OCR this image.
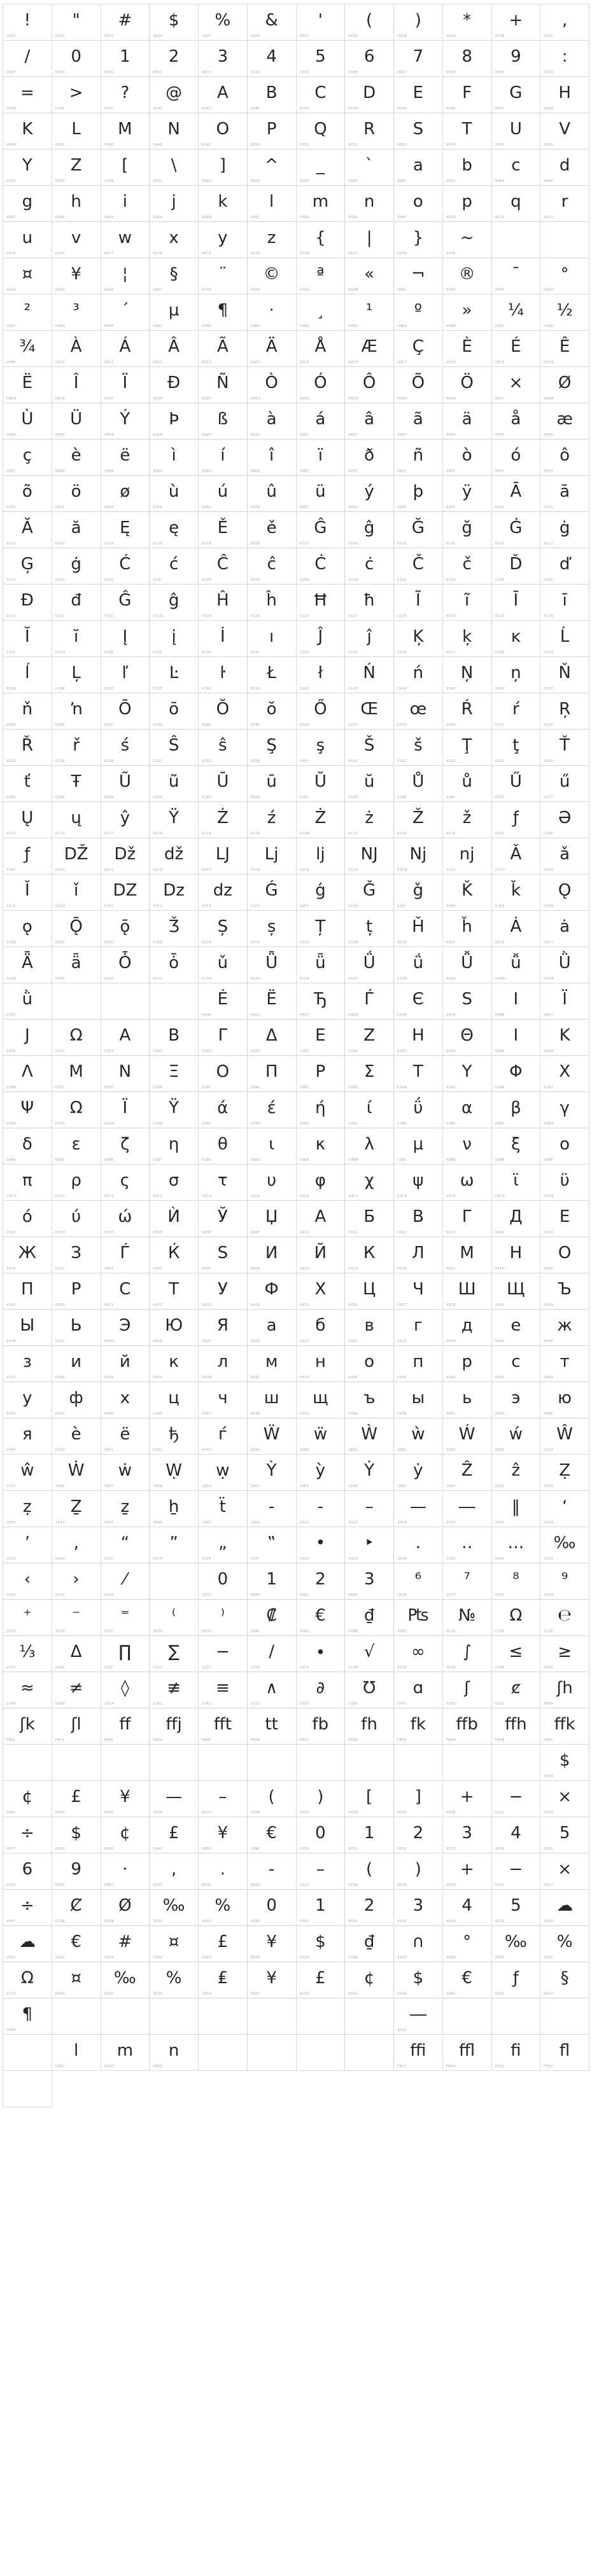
!
0021
"
0022
#
0023
$
0024
%
0025
&
0026
'
0027
(
0028
)
0029
*
002A
+
002B
,
002C
/
002F
0
0030
1
0031
2
0032
3
0033
4
0034
5
0035
6
0036
7
0037
8
0038
9
0039
:
003A
=
003D
>
003E
?
003F
@
0040
A
0041
B
0042
C
0043
D
0044
E
0045
F
0046
G
0047
H
0048
K
004B
L
004C
M
004D
N
004E
O
004F
P
0050
Q
0051
R
0052
S
0053
T
0054
U
0055
V
0056
Y
0059
Z
005A
[
005B
\
005C
]
005D
^
005E
_
005F
`
0060
a
0061
b
0062
c
0063
d
0064
g
0067
h
0068
i
0069
j
006A
k
006B
l
006C
m
006D
n
006E
o
006F
p
0070
q
0071
r
0072
u
0075
v
0076
w
0077
x
0078
y
0079
z
007A
{
007B
|
007C
}
007D
~
007E
¤
00A4
¥
00A5
¦
00A6
§
00A7
¨
00A8
©
00A9
ª
00AA
«
00AB
¬
00AC
®
00AE
¯
00AF
°
00B0
²
00B2
³
00B3
´
00B4
µ
00B5
¶
00B6
·
00B7
¸
00B8
¹
00B9
º
00BA
»
00BB
¼
00BC
½
00BD
¾
00BE
À
00C0
Á
00C1
Â
00C2
Ã
00C3
Ä
00C4
Å
00C5
Æ
00C6
Ç
00C7
È
00C8
É
00C9
Ê
00CA
Ë
00CB
Î
00CE
Ï
00CF
Ð
00D0
Ñ
00D1
Ò
00D2
Ó
00D3
Ô
00D4
Õ
00D5
Ö
00D6
×
00D7
Ø
00D8
Ù
00D9
Ü
00DC
Ý
00DD
Þ
00DE
ß
00DF
à
00E0
á
00E1
â
00E2
ã
00E3
ä
00E4
å
00E5
æ
00E6
ç
00E7
è
00E8
ë
00EB
ì
00EC
í
00ED
î
00EE
ï
00EF
ð
00F0
ñ
00F1
ò
00F2
ó
00F3
ô
00F4
õ
00F5
ö
00F6
ø
00F8
ù
00F9
ú
00FA
û
00FB
ü
00FC
ý
00FD
þ
00FE
ÿ
00FF
Ā
0100
ā
0101
Ă
0102
ă
0103
Ę
0118
ę
0119
Ě
011A
ě
011B
Ĝ
011C
ĝ
011D
Ğ
011E
ğ
011F
Ġ
0120
ġ
0121
Ģ
0122
ģ
0123
Ć
0106
ć
0107
Ĉ
0108
ĉ
0109
Ċ
010A
ċ
010B
Č
010C
č
010D
Ď
010E
ď
010F
Đ
0110
đ
0111
Ĝ
011C
ĝ
011D
Ĥ
0124
ĥ
0125
Ħ
0126
ħ
0127
Ĩ
0128
ĩ
0129
Ī
012A
ī
012B
Ĭ
012C
ĭ
012D
Į
012E
į
012F
İ
0130
ı
0131
Ĵ
0134
ĵ
0135
Ķ
0136
ķ
0137
ĸ
0138
Ĺ
0139
ĺ
013A
Ļ
013B
ľ
013E
Ŀ
013F
ŀ
0140
Ł
0141
ł
0142
Ń
0143
ń
0144
Ņ
0145
ņ
0146
Ň
0147
ň
0148
ŉ
0149
Ō
014C
ō
014D
Ŏ
014E
ŏ
014F
Ő
0150
Œ
0152
œ
0153
Ŕ
0154
ŕ
0155
Ŗ
0156
Ř
0158
ř
0159
ś
015B
Ŝ
015C
ŝ
015D
Ş
015E
ş
015F
Š
0160
š
0161
Ţ
0162
ţ
0163
Ť
0164
ť
0165
Ŧ
0166
Ũ
0168
ũ
0169
Ū
016A
ū
016B
Ŭ
016C
ŭ
016D
Ů
016E
ů
016F
Ű
0170
ű
0171
Ų
0172
ų
0173
ŷ
0177
Ÿ
0178
Ź
0179
ź
017A
Ż
017B
ż
017C
Ž
017D
ž
017E
ƒ
0192
Ə
018F
ƒ
0192
DŽ
01C4
Dž
01C5
dž
01C6
LJ
01C7
Lj
01C8
lj
01C9
NJ
01CA
Nj
01CB
nj
01CC
Ǎ
01CD
ǎ
01CE
Ǐ
01CF
ǐ
01D0
DZ
01F1
Dz
01F2
dz
01F3
Ǵ
01F4
ǵ
01F5
Ǧ
01E6
ǧ
01E7
Ǩ
01E8
ǩ
01E9
Ǫ
01EA
ǫ
01EB
Ǭ
01EC
ǭ
01ED
Ǯ
01EE
Ș
0218
ș
0219
Ț
021A
ț
021B
Ȟ
021E
ȟ
021F
Ȧ
0226
ȧ
0227
Ǟ
01DE
ǟ
01DF
Ȱ
0230
ȱ
0231
ǔ
01D4
Ǖ
01D5
ǖ
01D6
Ǘ
01D7
ǘ
01D8
Ǚ
01D9
ǚ
01DA
Ǜ
01DB
ǜ
01DC
Ѐ
0400
Ё
0401
Ђ
0402
Ѓ
0403
Є
0404
Ѕ
0405
І
0406
Ї
0407
Ј
0408
Ω
03A9
Α
0391
Β
0392
Γ
0393
Δ
0394
Ε
0395
Ζ
0396
Η
0397
Θ
0398
Ι
0399
Κ
039A
Λ
039B
Μ
039C
Ν
039D
Ξ
039E
Ο
039F
Π
03A0
Ρ
03A1
Σ
03A3
Τ
03A4
Υ
03A5
Φ
03A6
Χ
03A7
Ψ
03A8
Ω
03A9
Ϊ
03AA
Ϋ
03AB
ά
03AC
έ
03AD
ή
03AE
ί
03AF
ΰ
03B0
α
03B1
β
03B2
γ
03B3
δ
03B4
ε
03B5
ζ
03B6
η
03B7
θ
03B8
ι
03B9
κ
03BA
λ
03BB
μ
03BC
ν
03BD
ξ
03BE
ο
03BF
π
03C0
ρ
03C1
ς
03C2
σ
03C3
τ
03C4
υ
03C5
φ
03C6
χ
03C7
ψ
03C8
ω
03C9
ϊ
03CA
ϋ
03CB
ό
03CC
ύ
03CD
ώ
03CE
Ѝ
040D
Ў
040E
Џ
040F
А
0410
Б
0411
В
0412
Г
0413
Д
0414
Е
0415
Ж
0416
З
0417
Ѓ
0403
Ќ
040C
Ѕ
0405
И
0418
Й
0419
К
041A
Л
041B
М
041C
Н
041D
О
041E
П
041F
Р
0420
С
0421
Т
0422
У
0423
Ф
0424
Х
0425
Ц
0426
Ч
0427
Ш
0428
Щ
0429
Ъ
042A
Ы
042B
Ь
042C
Э
042D
Ю
042E
Я
042F
а
0430
б
0431
в
0432
г
0433
д
0434
е
0435
ж
0436
з
0437
и
0438
й
0439
к
043A
л
043B
м
043C
н
043D
о
043E
п
043F
р
0440
с
0441
т
0442
у
0443
ф
0444
х
0445
ц
0446
ч
0447
ш
0448
щ
0449
ъ
044A
ы
044B
ь
044C
э
044D
ю
044E
я
044F
ѐ
0450
ё
0451
ђ
0452
ѓ
0453
Ẅ
1E84
ẅ
1E85
Ẁ
1E80
ẁ
1E81
Ẃ
1E82
ẃ
1E83
Ŵ
0174
ŵ
0175
Ẇ
1E86
ẇ
1E87
Ẉ
1E88
ẉ
1E89
Ỳ
1EF2
ỳ
1EF3
Ẏ
1E8E
ẏ
1E8F
Ẑ
1E90
ẑ
1E91
Ẓ
1E92
ẓ
1E93
Ẕ
1E94
ẕ
1E95
ẖ
1E96
ẗ
1E97
‐
2010
‑
2011
–
2013
—
2014
―
2015
‖
2016
‘
2018
’
2019
‚
201A
“
201C
”
201D
„
201E
‟
201F
•
2022
‣
2023
․
2024
‥
2025
…
2026
‰
2030
‹
2039
›
203A
⁄
2044
0
2070
1
00B9
2
00B2
3
00B3
⁶
2076
⁷
2077
⁸
2078
⁹
2079
⁺
207A
⁻
207B
⁼
207C
⁽
207D
⁾
207E
₡
20A1
€
20AC
₫
20AB
₧
20A7
№
2116
Ω
2126
℮
212E
⅓
2153
Δ
2206
∏
220F
∑
2211
−
2212
∕
2215
∙
2219
√
221A
∞
221E
∫
222B
≤
2264
≥
2265
≈
2248
≠
2260
◊
25CA
≢
2262
≡
2261
∧
2227
∂
2202
Ʊ
01B1
ɑ
0251
ʃ
0283
ȼ
023C
ʃh
FB00
ʃk
FB01
ʃl
FB02
ff
FB00
ffj
FB04
fft
FB05
tt
FB06
fb
FB07
fh
FB08
fk
FB09
ffb
FB0A
ffh
FB0B
ffk
FB0C
$
0024
¢
00A2
£
00A3
¥
00A5
—
2014
–
2013
(
0028
)
0029
[
005B
]
005D
+
002B
−
2212
×
00D7
÷
00F7
$
0024
¢
00A2
£
00A3
¥
00A5
€
20AC
0
0030
1
0031
2
0032
3
0033
4
0034
5
0035
6
0036
9
0039
·
00B7
,
002C
.
002E
-
002D
–
2013
(
0028
)
0029
+
002B
−
2212
×
00D7
÷
00F7
Ȼ
023B
Ø
00D8
‰
2030
%
0025
0
0030
1
0031
2
0032
3
0033
4
0034
5
0035
☁
2601
☁
2601
€
20AC
#
0023
¤
00A4
£
00A3
¥
00A5
$
0024
₫
20AB
∩
2229
°
00B0
‰
2030
%
0025
Ω
2126
¤
00A4
‰
2030
%
0025
₤
20A4
¥
00A5
£
00A3
¢
00A2
$
0024
€
20AC
ƒ
0192
§
00A7
¶
00B6
―
2015
l
006C
m
006D
n
006E
ffi
FB03
ffl
FB04
fi
FB01
fl
FB02
